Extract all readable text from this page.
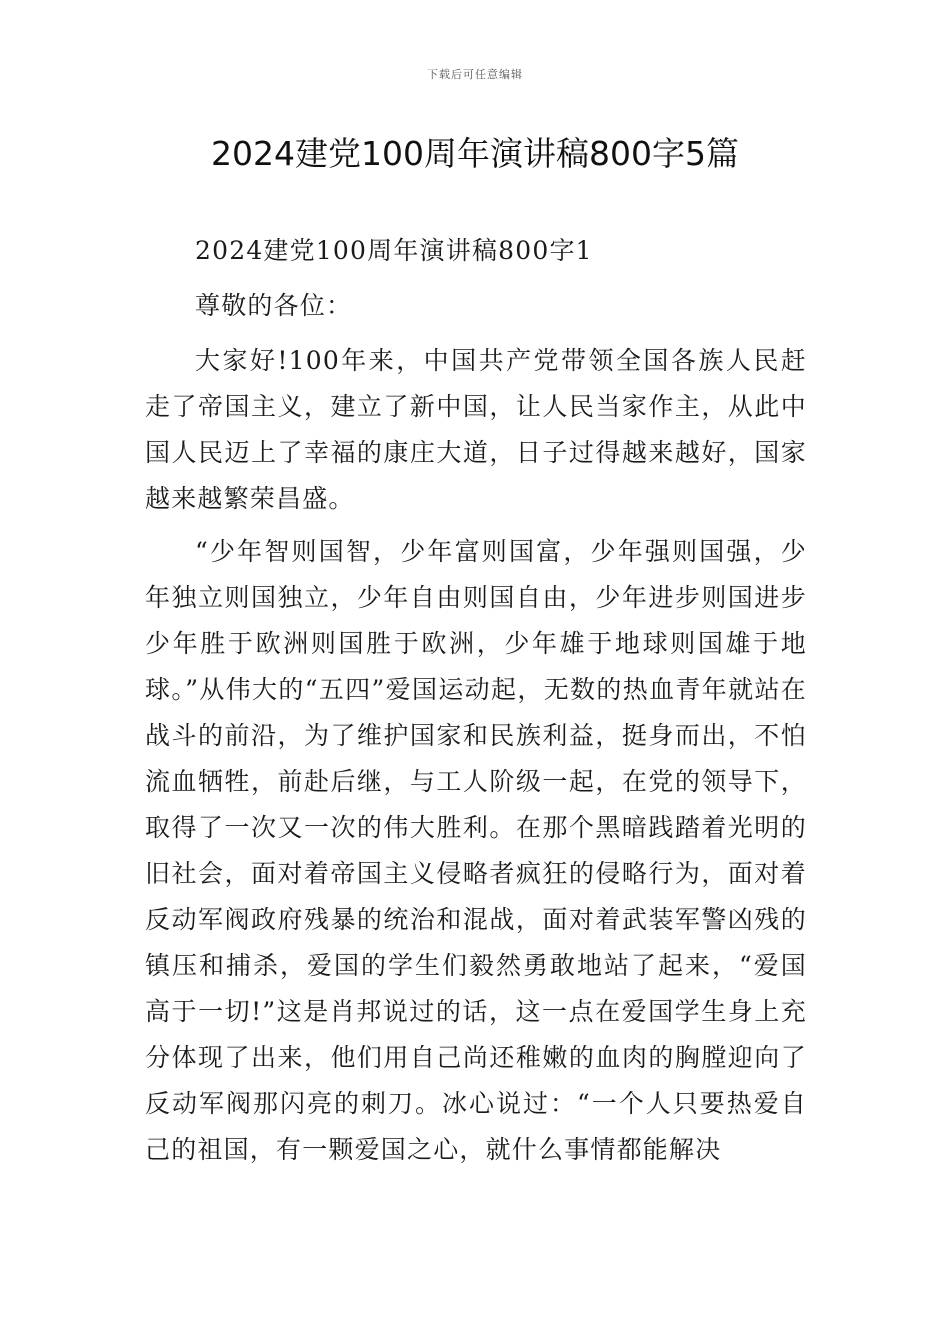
下载后可任意编辑
2024建党100周年演讲稿800字5篇

2024建党100周年演讲稿800字1

尊敬的各位：

大家好!100年来，中国共产党带领全国各族人民赶走了帝国主义，建立了新中国，让人民当家作主，从此中国人民迈上了幸福的康庄大道，日子过得越来越好，国家越来越繁荣昌盛。

“少年智则国智，少年富则国富，少年强则国强，少年独立则国独立，少年自由则国自由，少年进步则国进步少年胜于欧洲则国胜于欧洲，少年雄于地球则国雄于地球。”从伟大的“五四”爱国运动起，无数的热血青年就站在战斗的前沿，为了维护国家和民族利益，挺身而出，不怕流血牺牲，前赴后继，与工人阶级一起，在党的领导下，取得了一次又一次的伟大胜利。在那个黑暗践踏着光明的旧社会，面对着帝国主义侵略者疯狂的侵略行为，面对着反动军阀政府残暴的统治和混战，面对着武装军警凶残的镇压和捕杀，爱国的学生们毅然勇敢地站了起来，“爱国高于一切!”这是肖邦说过的话，这一点在爱国学生身上充分体现了出来，他们用自己尚还稚嫩的血肉的胸膛迎向了反动军阀那闪亮的刺刀。冰心说过：“一个人只要热爱自己的祖国，有一颗爱国之心，就什么事情都能解决
